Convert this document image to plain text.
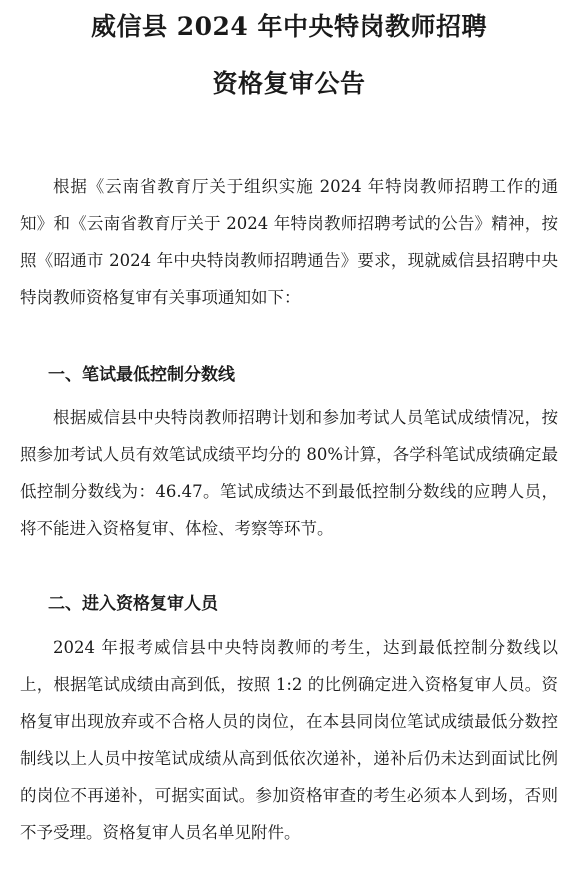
威信县 2024 年中央特岗教师招聘
资格复审公告

根据《云南省教育厅关于组织实施 2024 年特岗教师招聘工作的通知》和《云南省教育厅关于 2024 年特岗教师招聘考试的公告》精神，按照《昭通市 2024 年中央特岗教师招聘通告》要求，现就威信县招聘中央特岗教师资格复审有关事项通知如下：

一、笔试最低控制分数线

根据威信县中央特岗教师招聘计划和参加考试人员笔试成绩情况，按照参加考试人员有效笔试成绩平均分的 80%计算，各学科笔试成绩确定最低控制分数线为：46.47。笔试成绩达不到最低控制分数线的应聘人员，将不能进入资格复审、体检、考察等环节。

二、进入资格复审人员

2024 年报考威信县中央特岗教师的考生，达到最低控制分数线以上，根据笔试成绩由高到低，按照 1:2 的比例确定进入资格复审人员。资格复审出现放弃或不合格人员的岗位，在本县同岗位笔试成绩最低分数控制线以上人员中按笔试成绩从高到低依次递补，递补后仍未达到面试比例的岗位不再递补，可据实面试。参加资格审查的考生必须本人到场，否则不予受理。资格复审人员名单见附件。
